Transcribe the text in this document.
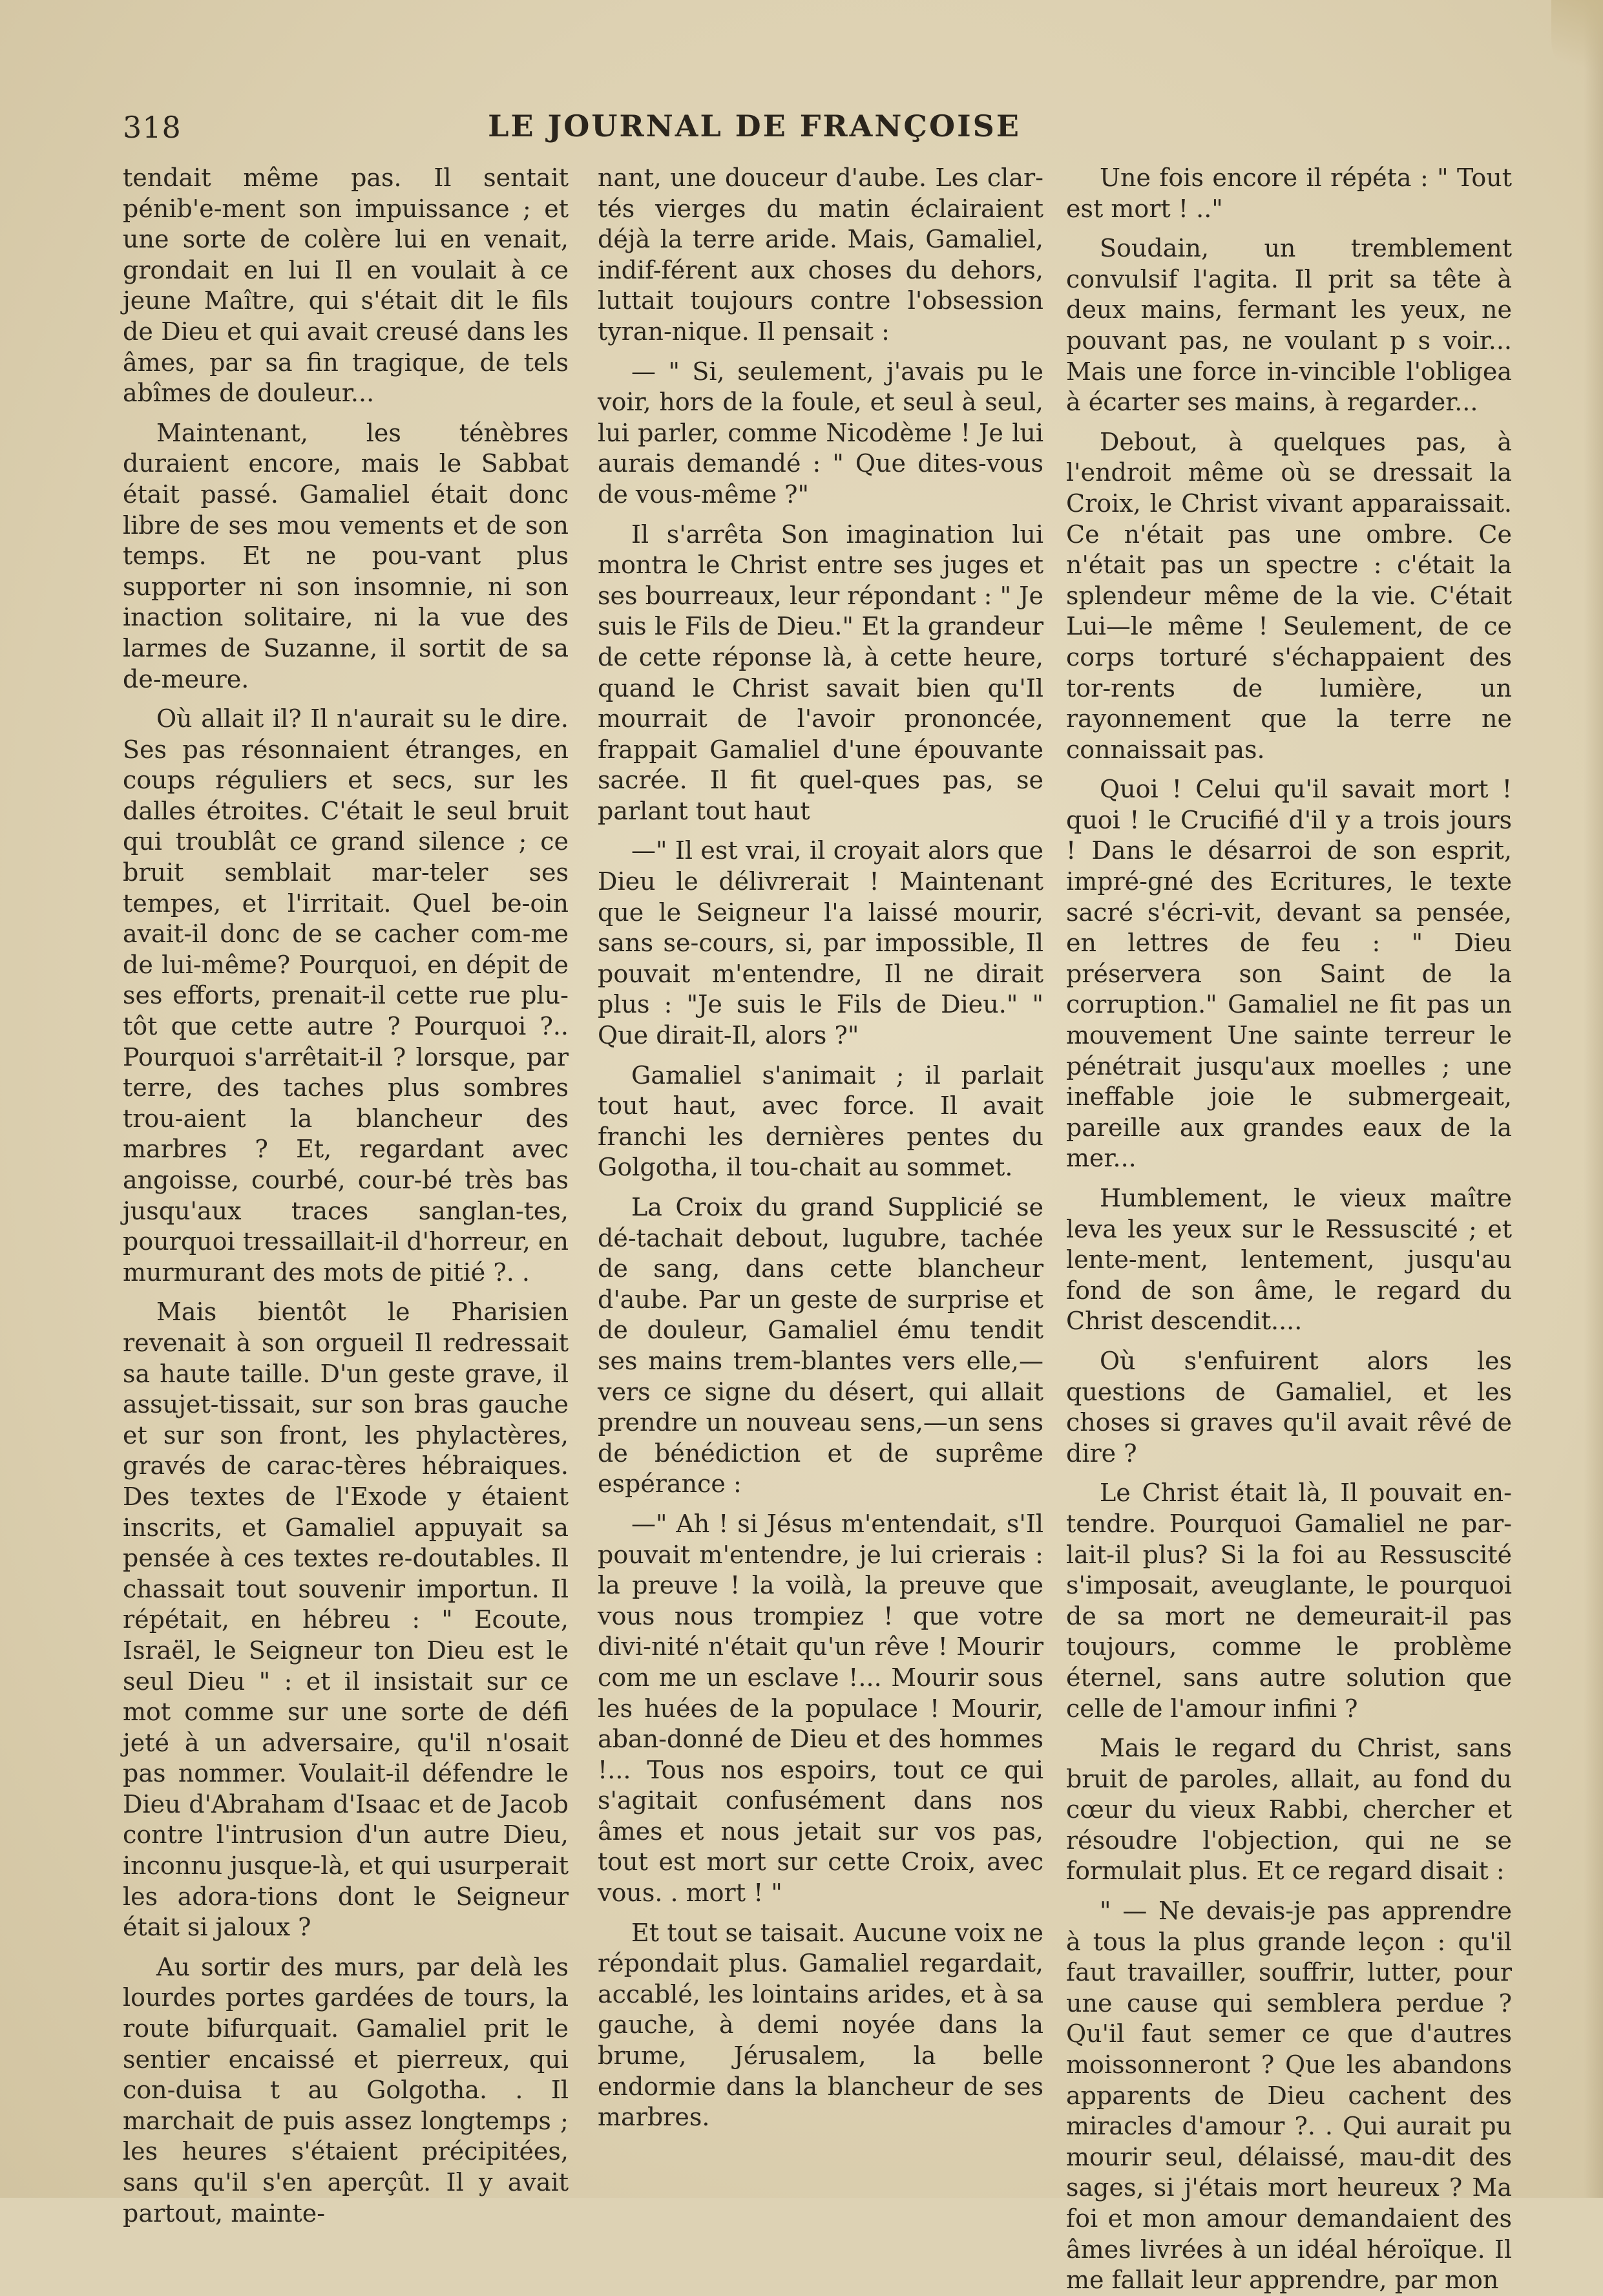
318	LE JOURNAL DE FRANÇOISE

tendait même pas. Il sentait pénib'e-ment son impuissance ; et une sorte de colère lui en venait, grondait en lui Il en voulait à ce jeune Maître, qui s'était dit le fils de Dieu et qui avait creusé dans les âmes, par sa fin tragique, de tels abîmes de douleur...

Maintenant, les ténèbres duraient encore, mais le Sabbat était passé. Gamaliel était donc libre de ses mou vements et de son temps. Et ne pou-vant plus supporter ni son insomnie, ni son inaction solitaire, ni la vue des larmes de Suzanne, il sortit de sa de-meure.

Où allait il? Il n'aurait su le dire. Ses pas résonnaient étranges, en coups réguliers et secs, sur les dalles étroites. C'était le seul bruit qui troublât ce grand silence ; ce bruit semblait mar-teler ses tempes, et l'irritait. Quel be-oin avait-il donc de se cacher com-me de lui-même? Pourquoi, en dépit de ses efforts, prenait-il cette rue plu-tôt que cette autre ? Pourquoi ?.. Pourquoi s'arrêtait-il ? lorsque, par terre, des taches plus sombres trou-aient la blancheur des marbres ? Et, regardant avec angoisse, courbé, cour-bé très bas jusqu'aux traces sanglan-tes, pourquoi tressaillait-il d'horreur, en murmurant des mots de pitié ?. .

Mais bientôt le Pharisien revenait à son orgueil Il redressait sa haute taille. D'un geste grave, il assujet-tissait, sur son bras gauche et sur son front, les phylactères, gravés de carac-tères hébraiques. Des textes de l'Exode y étaient inscrits, et Gamaliel appuyait sa pensée à ces textes re-doutables. Il chassait tout souvenir importun. Il répétait, en hébreu : " Ecoute, Israël, le Seigneur ton Dieu est le seul Dieu " : et il insistait sur ce mot comme sur une sorte de défi jeté à un adversaire, qu'il n'osait pas nommer. Voulait-il défendre le Dieu d'Abraham d'Isaac et de Jacob contre l'intrusion d'un autre Dieu, inconnu jusque-là, et qui usurperait les adora-tions dont le Seigneur était si jaloux ?

Au sortir des murs, par delà les lourdes portes gardées de tours, la route bifurquait. Gamaliel prit le sentier encaissé et pierreux, qui con-duisa t au Golgotha. . Il marchait de puis assez longtemps ; les heures s'étaient précipitées, sans qu'il s'en aperçût. Il y avait partout, mainte-

nant, une douceur d'aube. Les clar-tés vierges du matin éclairaient déjà la terre aride. Mais, Gamaliel, indif-férent aux choses du dehors, luttait toujours contre l'obsession tyran-nique. Il pensait :

— " Si, seulement, j'avais pu le voir, hors de la foule, et seul à seul, lui parler, comme Nicodème ! Je lui aurais demandé : " Que dites-vous de vous-même ?"

Il s'arrêta Son imagination lui montra le Christ entre ses juges et ses bourreaux, leur répondant : " Je suis le Fils de Dieu." Et la grandeur de cette réponse là, à cette heure, quand le Christ savait bien qu'Il mourrait de l'avoir prononcée, frappait Gamaliel d'une épouvante sacrée. Il fit quel-ques pas, se parlant tout haut

—" Il est vrai, il croyait alors que Dieu le délivrerait ! Maintenant que le Seigneur l'a laissé mourir, sans se-cours, si, par impossible, Il pouvait m'entendre, Il ne dirait plus : "Je suis le Fils de Dieu." " Que dirait-Il, alors ?"

Gamaliel s'animait ; il parlait tout haut, avec force. Il avait franchi les dernières pentes du Golgotha, il tou-chait au sommet.

La Croix du grand Supplicié se dé-tachait debout, lugubre, tachée de sang, dans cette blancheur d'aube. Par un geste de surprise et de douleur, Gamaliel ému tendit ses mains trem-blantes vers elle,—vers ce signe du désert, qui allait prendre un nouveau sens,—un sens de bénédiction et de suprême espérance :

—" Ah ! si Jésus m'entendait, s'Il pouvait m'entendre, je lui crierais : la preuve ! la voilà, la preuve que vous nous trompiez ! que votre divi-nité n'était qu'un rêve ! Mourir com me un esclave !... Mourir sous les huées de la populace ! Mourir, aban-donné de Dieu et des hommes !... Tous nos espoirs, tout ce qui s'agitait confusément dans nos âmes et nous jetait sur vos pas, tout est mort sur cette Croix, avec vous. . mort ! "

Et tout se taisait. Aucune voix ne répondait plus. Gamaliel regardait, accablé, les lointains arides, et à sa gauche, à demi noyée dans la brume, Jérusalem, la belle endormie dans la blancheur de ses marbres.

Une fois encore il répéta : " Tout est mort ! .."

Soudain, un tremblement convulsif l'agita. Il prit sa tête à deux mains, fermant les yeux, ne pouvant pas, ne voulant p s voir... Mais une force in-vincible l'obligea à écarter ses mains, à regarder...

Debout, à quelques pas, à l'endroit même où se dressait la Croix, le Christ vivant apparaissait. Ce n'était pas une ombre. Ce n'était pas un spectre : c'était la splendeur même de la vie. C'était Lui—le même ! Seulement, de ce corps torturé s'échappaient des tor-rents de lumière, un rayonnement que la terre ne connaissait pas.

Quoi ! Celui qu'il savait mort ! quoi ! le Crucifié d'il y a trois jours ! Dans le désarroi de son esprit, impré-gné des Ecritures, le texte sacré s'écri-vit, devant sa pensée, en lettres de feu : " Dieu préservera son Saint de la corruption." Gamaliel ne fit pas un mouvement Une sainte terreur le pénétrait jusqu'aux moelles ; une ineffable joie le submergeait, pareille aux grandes eaux de la mer...

Humblement, le vieux maître leva les yeux sur le Ressuscité ; et lente-ment, lentement, jusqu'au fond de son âme, le regard du Christ descendit....

Où s'enfuirent alors les questions de Gamaliel, et les choses si graves qu'il avait rêvé de dire ?

Le Christ était là, Il pouvait en-tendre. Pourquoi Gamaliel ne par-lait-il plus? Si la foi au Ressuscité s'imposait, aveuglante, le pourquoi de sa mort ne demeurait-il pas toujours, comme le problème éternel, sans autre solution que celle de l'amour infini ?

Mais le regard du Christ, sans bruit de paroles, allait, au fond du cœur du vieux Rabbi, chercher et résoudre l'objection, qui ne se formulait plus. Et ce regard disait :

" — Ne devais-je pas apprendre à tous la plus grande leçon : qu'il faut travailler, souffrir, lutter, pour une cause qui semblera perdue ? Qu'il faut semer ce que d'autres moissonneront ? Que les abandons apparents de Dieu cachent des miracles d'amour ?. . Qui aurait pu mourir seul, délaissé, mau-dit des sages, si j'étais mort heureux ? Ma foi et mon amour demandaient des âmes livrées à un idéal héroïque. Il me fallait leur apprendre, par mon
